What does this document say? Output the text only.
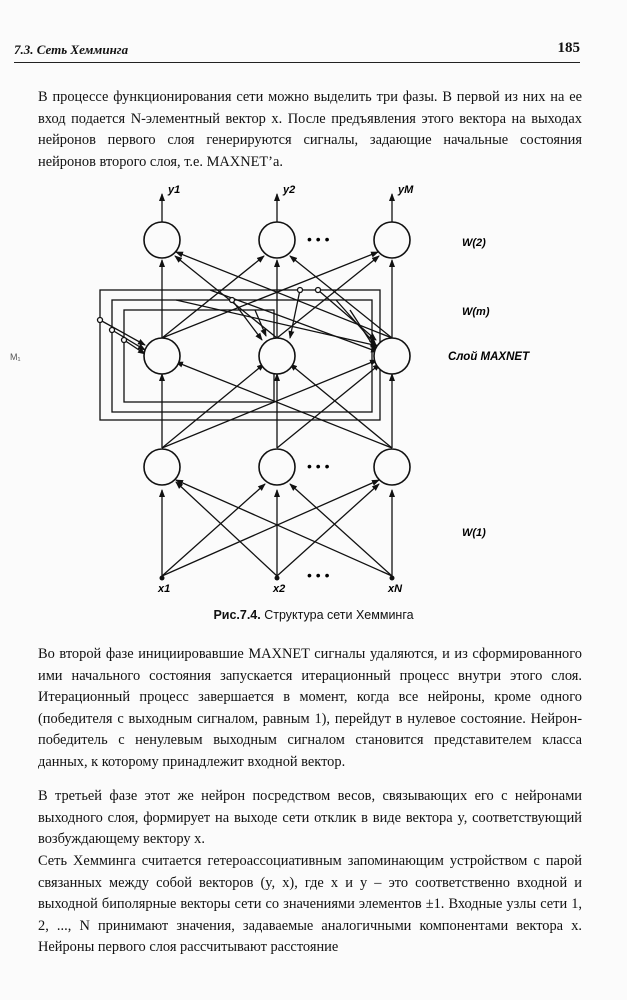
7.3. Сеть Хемминга	185
В процессе функционирования сети можно выделить три фазы. В первой из них на ее вход подается N-элементный вектор x. После предъявления этого вектора на выходах нейронов первого слоя генерируются сигналы, задающие начальные состояния нейронов второго слоя, т.е. MAXNET’a.
• • •
• • •
• • •
y1	y2	yM
x1	x2	xN
W(2)
W(m)
Слой MAXNET
W(1)
M₁
Рис.7.4. Структура сети Хемминга
Во второй фазе инициировавшие MAXNET сигналы удаляются, и из сформированного ими начального состояния запускается итерационный процесс внутри этого слоя. Итерационный процесс завершается в момент, когда все нейроны, кроме одного (победителя с выходным сигналом, равным 1), перейдут в нулевое состояние. Нейрон-победитель с ненулевым выходным сигналом становится представителем класса данных, к которому принадлежит входной вектор.
В третьей фазе этот же нейрон посредством весов, связывающих его с нейронами выходного слоя, формирует на выходе сети отклик в виде вектора y, соответствующий возбуждающему вектору x.
Сеть Хемминга считается гетероассоциативным запоминающим устройством с парой связанных между собой векторов (y, x), где x и y – это соответственно входной и выходной биполярные векторы сети со значениями элементов ±1. Входные узлы сети 1, 2, ..., N принимают значения, задаваемые аналогичными компонентами вектора x. Нейроны первого слоя рассчитывают расстояние
